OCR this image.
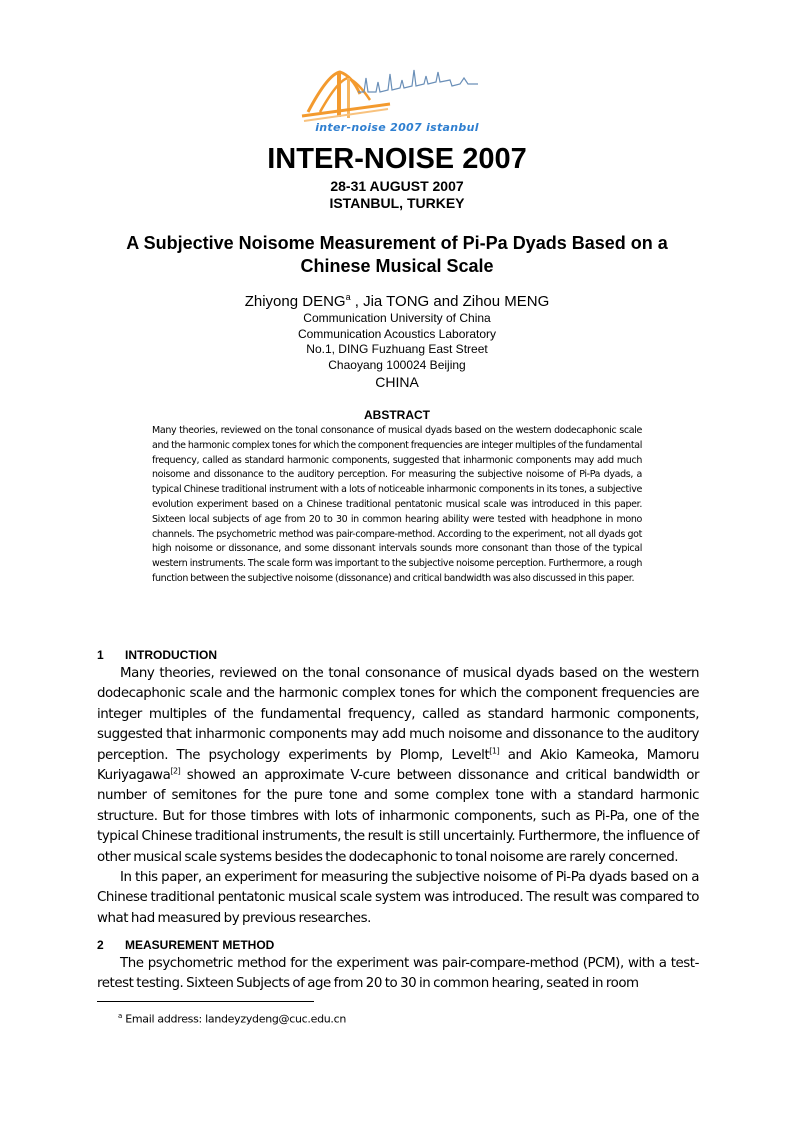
inter-noise 2007 istanbul
INTER-NOISE 2007
28-31 AUGUST 2007
ISTANBUL, TURKEY
A Subjective Noisome Measurement of Pi-Pa Dyads Based on a Chinese Musical Scale
Zhiyong DENG$^a$ , Jia TONG and Zihou MENG
Communication University of China
Communication Acoustics Laboratory
No.1, DING Fuzhuang East Street
Chaoyang 100024 Beijing
CHINA
ABSTRACT
Many theories, reviewed on the tonal consonance of musical dyads based on the western dodecaphonic scale and the harmonic complex tones for which the component frequencies are integer multiples of the fundamental frequency, called as standard harmonic components, suggested that inharmonic components may add much noisome and dissonance to the auditory perception. For measuring the subjective noisome of Pi-Pa dyads, a typical Chinese traditional instrument with a lots of noticeable inharmonic components in its tones, a subjective evolution experiment based on a Chinese traditional pentatonic musical scale was introduced in this paper. Sixteen local subjects of age from 20 to 30 in common hearing ability were tested with headphone in mono channels. The psychometric method was pair-compare-method. According to the experiment, not all dyads got high noisome or dissonance, and some dissonant intervals sounds more consonant than those of the typical western instruments. The scale form was important to the subjective noisome perception. Furthermore, a rough function between the subjective noisome (dissonance) and critical bandwidth was also discussed in this paper.
1 INTRODUCTION

Many theories, reviewed on the tonal consonance of musical dyads based on the western dodecaphonic scale and the harmonic complex tones for which the component frequencies are integer multiples of the fundamental frequency, called as standard harmonic components, suggested that inharmonic components may add much noisome and dissonance to the auditory perception. The psychology experiments by Plomp, Levelt[1] and Akio Kameoka, Mamoru Kuriyagawa[2] showed an approximate V-cure between dissonance and critical bandwidth or number of semitones for the pure tone and some complex tone with a standard harmonic structure. But for those timbres with lots of inharmonic components, such as Pi-Pa, one of the typical Chinese traditional instruments, the result is still uncertainly. Furthermore, the influence of other musical scale systems besides the dodecaphonic to tonal noisome are rarely concerned.

In this paper, an experiment for measuring the subjective noisome of Pi-Pa dyads based on a Chinese traditional pentatonic musical scale system was introduced. The result was compared to what had measured by previous researches.

2 MEASUREMENT METHOD

The psychometric method for the experiment was pair-compare-method (PCM), with a test-retest testing. Sixteen Subjects of age from 20 to 30 in common hearing, seated in room

$^a$ Email address: landeyzydeng@cuc.edu.cn
